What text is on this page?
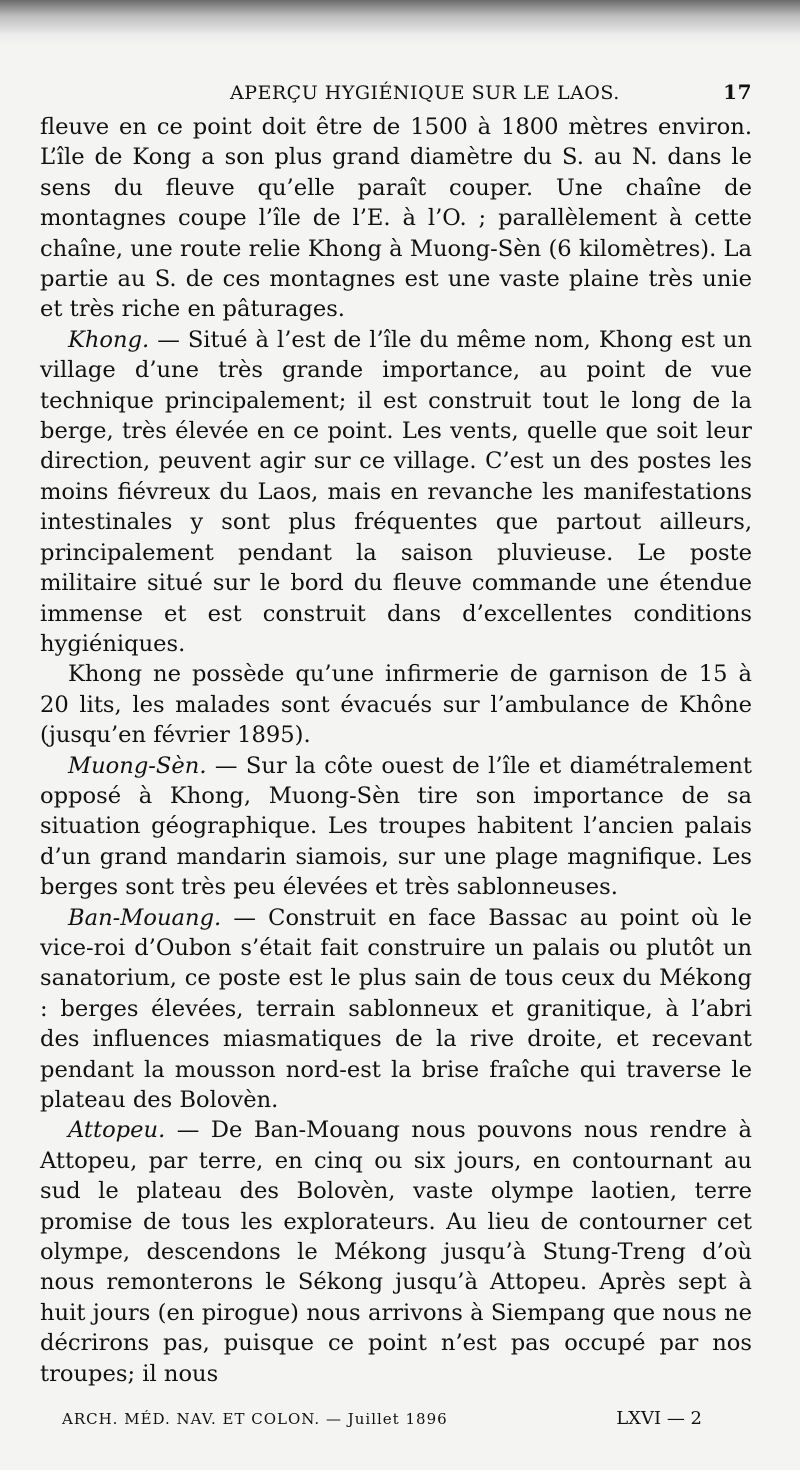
APERÇU HYGIÉNIQUE SUR LE LAOS.	17

fleuve en ce point doit être de 1500 à 1800 mètres environ. L’île de Kong a son plus grand diamètre du S. au N. dans le sens du fleuve qu’elle paraît couper. Une chaîne de montagnes coupe l’île de l’E. à l’O. ; parallèlement à cette chaîne, une route relie Khong à Muong-Sèn (6 kilomètres). La partie au S. de ces montagnes est une vaste plaine très unie et très riche en pâturages.

Khong. — Situé à l’est de l’île du même nom, Khong est un village d’une très grande importance, au point de vue technique principalement; il est construit tout le long de la berge, très élevée en ce point. Les vents, quelle que soit leur direction, peuvent agir sur ce village. C’est un des postes les moins fiévreux du Laos, mais en revanche les manifestations intestinales y sont plus fréquentes que partout ailleurs, principalement pendant la saison pluvieuse. Le poste militaire situé sur le bord du fleuve commande une étendue immense et est construit dans d’excellentes conditions hygiéniques.

Khong ne possède qu’une infirmerie de garnison de 15 à 20 lits, les malades sont évacués sur l’ambulance de Khône (jusqu’en février 1895).

Muong-Sèn. — Sur la côte ouest de l’île et diamétralement opposé à Khong, Muong-Sèn tire son importance de sa situation géographique. Les troupes habitent l’ancien palais d’un grand mandarin siamois, sur une plage magnifique. Les berges sont très peu élevées et très sablonneuses.

Ban-Mouang. — Construit en face Bassac au point où le vice-roi d’Oubon s’était fait construire un palais ou plutôt un sanatorium, ce poste est le plus sain de tous ceux du Mékong : berges élevées, terrain sablonneux et granitique, à l’abri des influences miasmatiques de la rive droite, et recevant pendant la mousson nord-est la brise fraîche qui traverse le plateau des Bolovèn.

Attopeu. — De Ban-Mouang nous pouvons nous rendre à Attopeu, par terre, en cinq ou six jours, en contournant au sud le plateau des Bolovèn, vaste olympe laotien, terre promise de tous les explorateurs. Au lieu de contourner cet olympe, descendons le Mékong jusqu’à Stung-Treng d’où nous remonterons le Sékong jusqu’à Attopeu. Après sept à huit jours (en pirogue) nous arrivons à Siempang que nous ne décrirons pas, puisque ce point n’est pas occupé par nos troupes; il nous

ARCH. MÉD. NAV. ET COLON. — Juillet 1896	LXVI — 2
